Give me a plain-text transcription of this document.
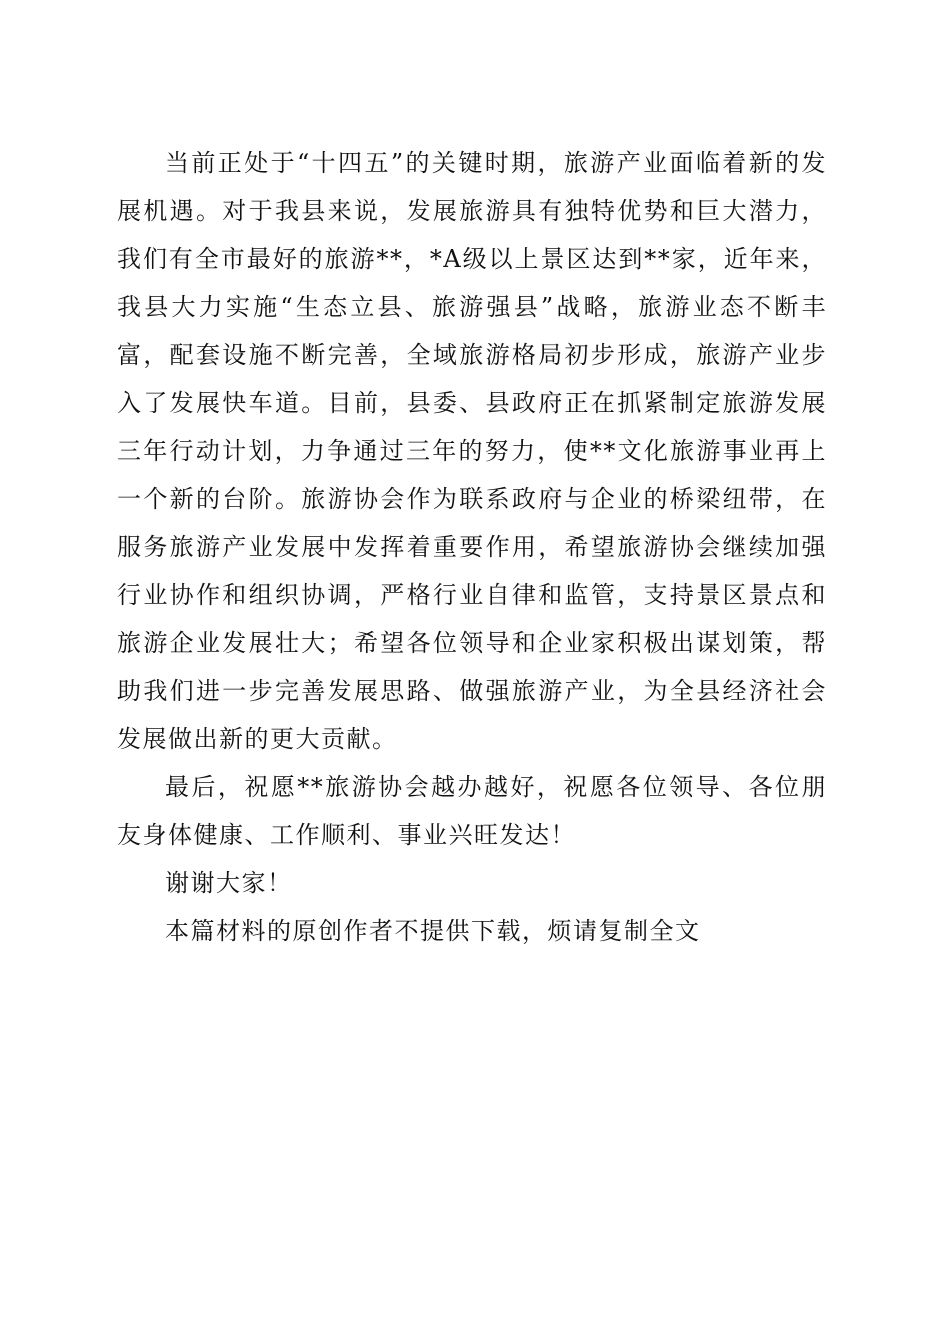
当前正处于“十四五”的关键时期，旅游产业面临着新的发展机遇。对于我县来说，发展旅游具有独特优势和巨大潜力，我们有全市最好的旅游**，*A级以上景区达到**家，近年来，我县大力实施“生态立县、旅游强县”战略，旅游业态不断丰富，配套设施不断完善，全域旅游格局初步形成，旅游产业步入了发展快车道。目前，县委、县政府正在抓紧制定旅游发展三年行动计划，力争通过三年的努力，使**文化旅游事业再上一个新的台阶。旅游协会作为联系政府与企业的桥梁纽带，在服务旅游产业发展中发挥着重要作用，希望旅游协会继续加强行业协作和组织协调，严格行业自律和监管，支持景区景点和旅游企业发展壮大；希望各位领导和企业家积极出谋划策，帮助我们进一步完善发展思路、做强旅游产业，为全县经济社会发展做出新的更大贡献。

最后，祝愿**旅游协会越办越好，祝愿各位领导、各位朋友身体健康、工作顺利、事业兴旺发达！

谢谢大家！

本篇材料的原创作者不提供下载，烦请复制全文
